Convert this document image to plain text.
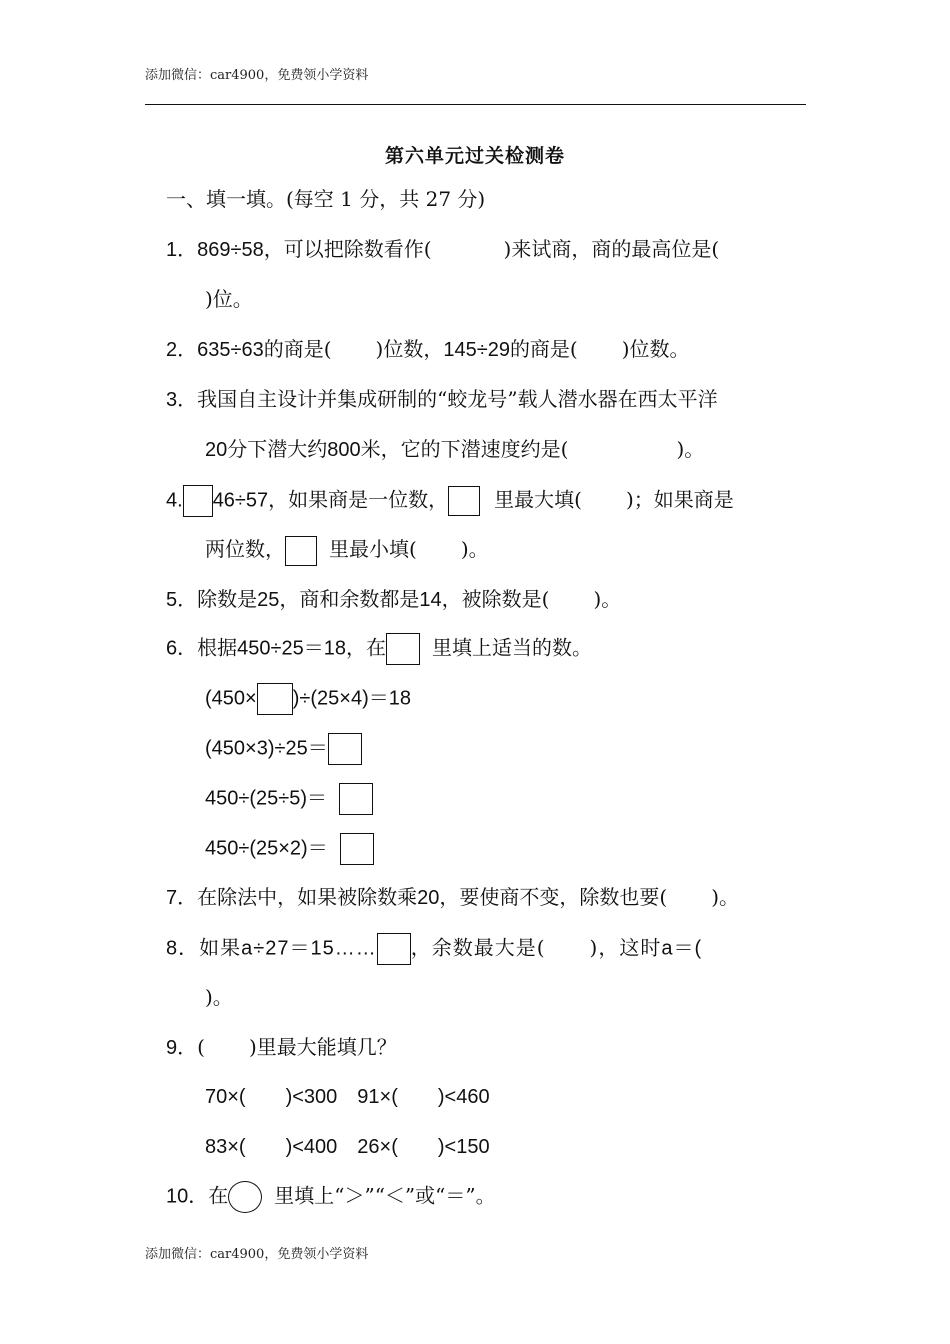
添加微信：car4900，免费领小学资料
第六单元过关检测卷
一、填一填。(每空 1 分，共 27 分)
1．869÷58，可以把除数看作(	)来试商，商的最高位是(
)位。
2．635÷63的商是( )位数，145÷29的商是( )位数。
3．我国自主设计并集成研制的“蛟龙号”载人潜水器在西太平洋
20分下潜大约800米，它的下潜速度约是(	)。
4. 46÷57，如果商是一位数， 里最大填( )；如果商是
两位数， 里最小填( )。
5．除数是25，商和余数都是14，被除数是( )。
6．根据450÷25＝18，在 里填上适当的数。
(450× )÷(25×4)＝18
(450×3)÷25＝
450÷(25÷5)＝
450÷(25×2)＝
7．在除法中，如果被除数乘20，要使商不变，除数也要( )。
8．如果a÷27＝15…… ，余数最大是( )，这时a＝(
)。
9．( )里最大能填几？
70×(　　)<300　91×(　　)<460
83×(　　)<400　26×(　　)<150
10．在 里填上“＞”“＜”或“＝”。
添加微信：car4900，免费领小学资料
